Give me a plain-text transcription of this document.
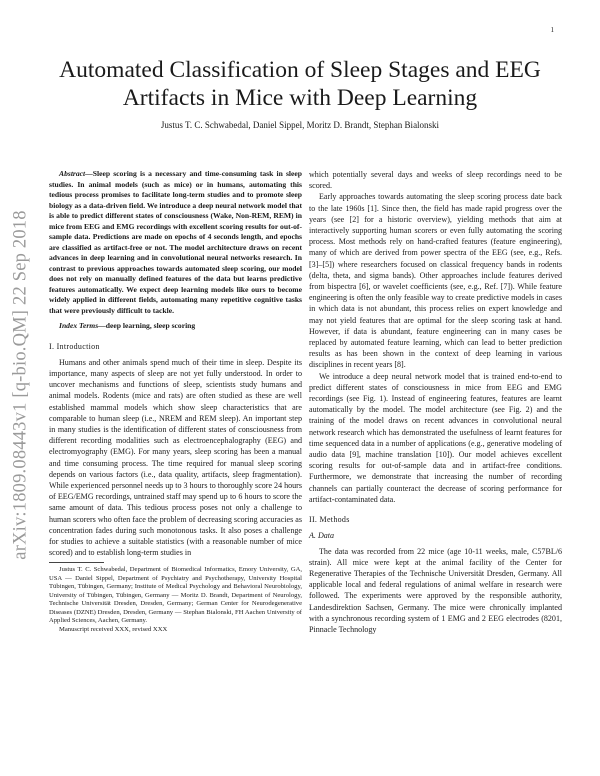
1
arXiv:1809.08443v1 [q-bio.QM] 22 Sep 2018
Automated Classification of Sleep Stages and EEG
Artifacts in Mice with Deep Learning
Justus T. C. Schwabedal, Daniel Sippel, Moritz D. Brandt, Stephan Bialonski

Abstract—Sleep scoring is a necessary and time-consuming task in sleep studies. In animal models (such as mice) or in humans, automating this tedious process promises to facilitate long-term studies and to promote sleep biology as a data-driven field. We introduce a deep neural network model that is able to predict different states of consciousness (Wake, Non-REM, REM) in mice from EEG and EMG recordings with excellent scoring results for out-of-sample data. Predictions are made on epochs of 4 seconds length, and epochs are classified as artifact-free or not. The model architecture draws on recent advances in deep learning and in convolutional neural networks research. In contrast to previous approaches towards automated sleep scoring, our model does not rely on manually defined features of the data but learns predictive features automatically. We expect deep learning models like ours to become widely applied in different fields, automating many repetitive cognitive tasks that were previously difficult to tackle.

Index Terms—deep learning, sleep scoring

I. Introduction

Humans and other animals spend much of their time in sleep. Despite its importance, many aspects of sleep are not yet fully understood. In order to uncover mechanisms and functions of sleep, scientists study humans and animal models. Rodents (mice and rats) are often studied as these are well established mammal models which show sleep characteristics that are comparable to human sleep (i.e., NREM and REM sleep). An important step in many studies is the identification of different states of consciousness from different recording modalities such as electroencephalography (EEG) and electromyography (EMG). For many years, sleep scoring has been a manual and time consuming process. The time required for manual sleep scoring depends on various factors (i.e., data quality, artifacts, sleep fragmentation). While experienced personnel needs up to 3 hours to thoroughly score 24 hours of EEG/EMG recordings, untrained staff may spend up to 6 hours to score the same amount of data. This tedious process poses not only a challenge to human scorers who often face the problem of decreasing scoring accuracies as concentration fades during such monotonous tasks. It also poses a challenge for studies to achieve a suitable statistics (with a reasonable number of mice scored) and to establish long-term studies in

Justus T. C. Schwabedal, Department of Biomedical Informatics, Emory University, GA, USA — Daniel Sippel, Department of Psychiatry and Psychotherapy, University Hospital Tübingen, Tübingen, Germany; Institute of Medical Psychology and Behavioral Neurobiology, University of Tübingen, Tübingen, Germany — Moritz D. Brandt, Department of Neurology, Technische Universität Dresden, Dresden, Germany; German Center for Neurodegenerative Diseases (DZNE) Dresden, Dresden, Germany — Stephan Bialonski, FH Aachen University of Applied Sciences, Aachen, Germany.

Manuscript received XXX, revised XXX

which potentially several days and weeks of sleep recordings need to be scored.

Early approaches towards automating the sleep scoring process date back to the late 1960s [1]. Since then, the field has made rapid progress over the years (see [2] for a historic overview), yielding methods that aim at interactively supporting human scorers or even fully automating the scoring process. Most methods rely on hand-crafted features (feature engineering), many of which are derived from power spectra of the EEG (see, e.g., Refs. [3]–[5]) where researchers focused on classical frequency bands in rodents (delta, theta, and sigma bands). Other approaches include features derived from bispectra [6], or wavelet coefficients (see, e.g., Ref. [7]). While feature engineering is often the only feasible way to create predictive models in cases in which data is not abundant, this process relies on expert knowledge and may not yield features that are optimal for the sleep scoring task at hand. However, if data is abundant, feature engineering can in many cases be replaced by automated feature learning, which can lead to better prediction results as has been shown in the context of deep learning in various disciplines in recent years [8].

We introduce a deep neural network model that is trained end-to-end to predict different states of consciousness in mice from EEG and EMG recordings (see Fig. 1). Instead of engineering features, features are learnt automatically by the model. The model architecture (see Fig. 2) and the training of the model draws on recent advances in convolutional neural network research which has demonstrated the usefulness of learnt features for time sequenced data in a number of applications (e.g., generative modeling of audio data [9], machine translation [10]). Our model achieves excellent scoring results for out-of-sample data and in artifact-free conditions. Furthermore, we demonstrate that increasing the number of recording channels can partially counteract the decrease of scoring performance for artifact-contaminated data.

II. Methods

A. Data

The data was recorded from 22 mice (age 10-11 weeks, male, C57BL/6 strain). All mice were kept at the animal facility of the Center for Regenerative Therapies of the Technische Universität Dresden, Germany. All applicable local and federal regulations of animal welfare in research were followed. The experiments were approved by the responsible authority, Landesdirektion Sachsen, Germany. The mice were chronically implanted with a synchronous recording system of 1 EMG and 2 EEG electrodes (8201, Pinnacle Technology
